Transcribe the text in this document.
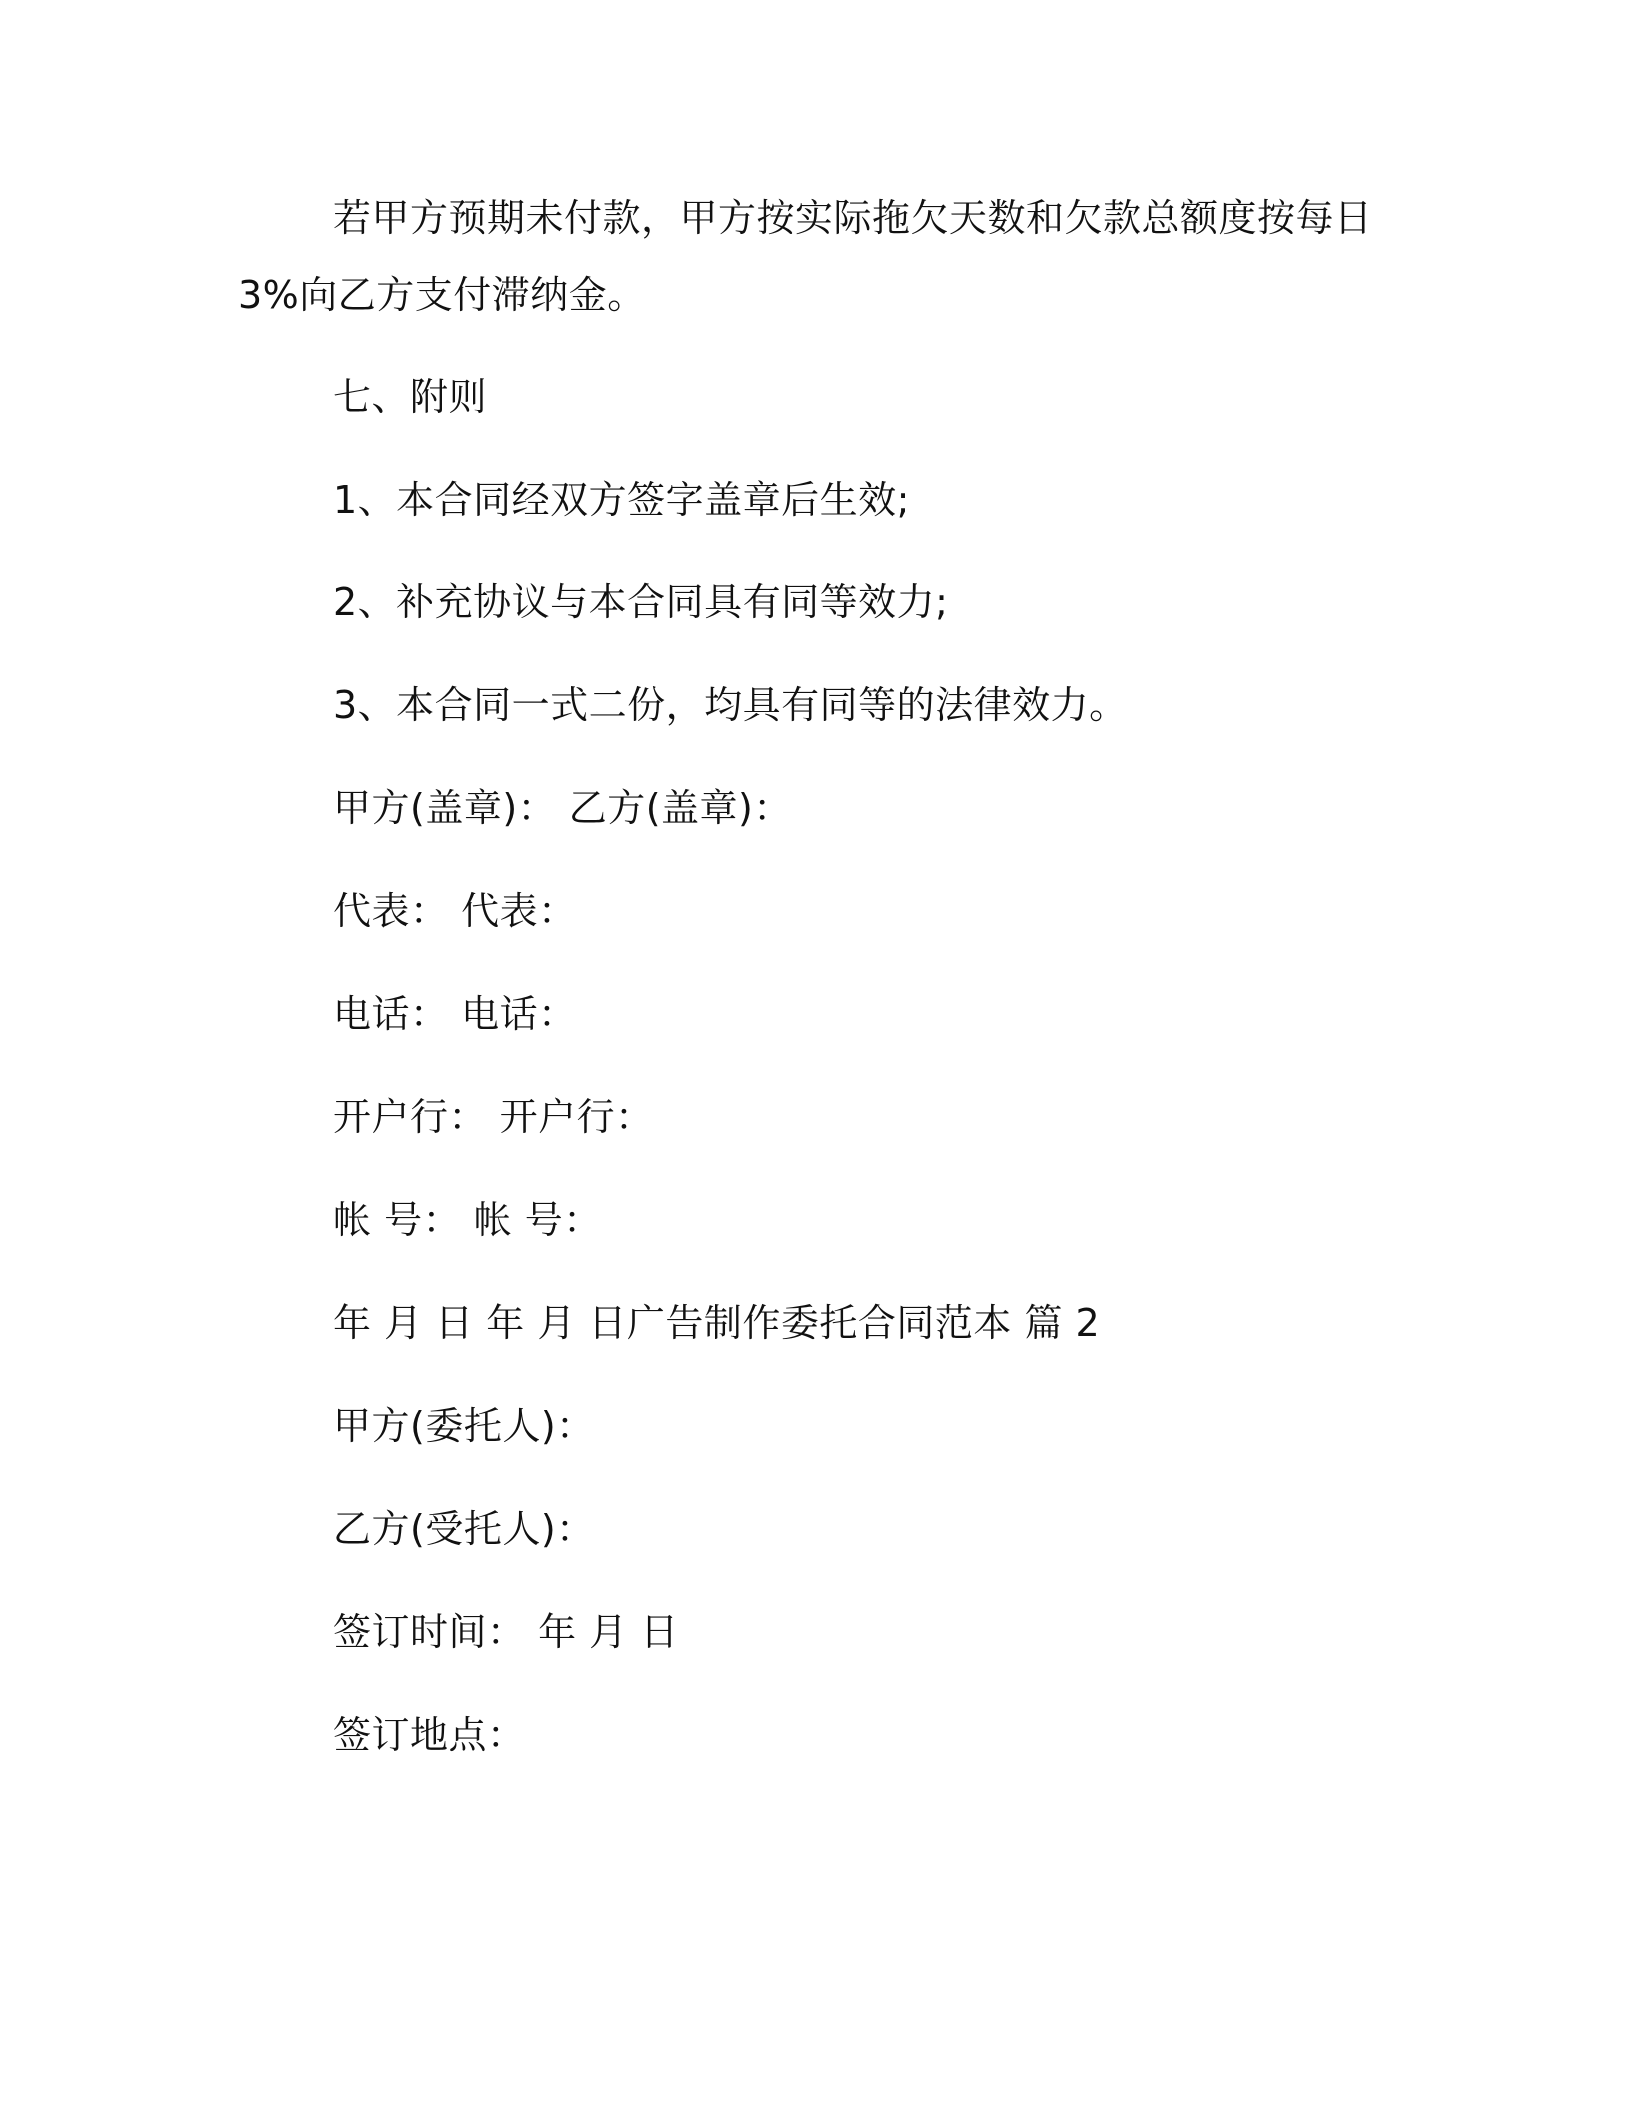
若甲方预期未付款，甲方按实际拖欠天数和欠款总额度按每日
3%向乙方支付滞纳金。
七、附则
1、本合同经双方签字盖章后生效;
2、补充协议与本合同具有同等效力;
3、本合同一式二份，均具有同等的法律效力。
甲方(盖章)： 乙方(盖章)：
代表： 代表：
电话： 电话：
开户行： 开户行：
帐 号： 帐 号：
年 月 日 年 月 日广告制作委托合同范本 篇 2
甲方(委托人)：
乙方(受托人)：
签订时间： 年 月 日
签订地点：
